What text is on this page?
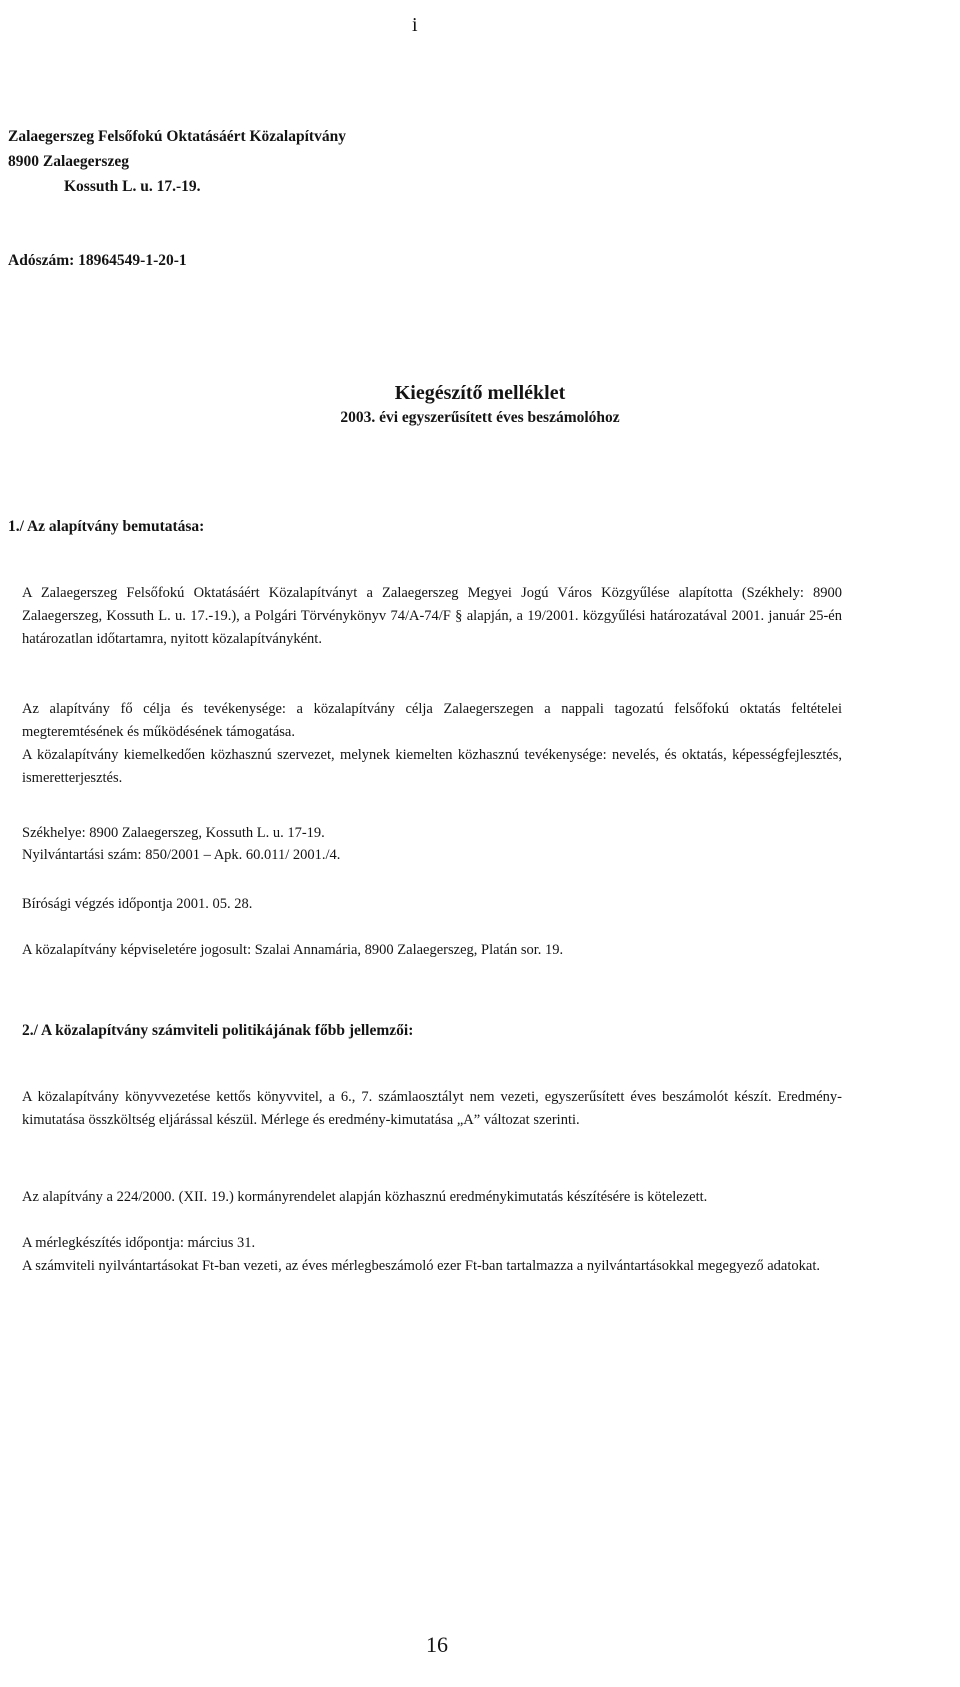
i
Zalaegerszeg Felsőfokú Oktatásáért Közalapítvány
8900 Zalaegerszeg
Kossuth L. u. 17.-19.
Adószám: 18964549-1-20-1
Kiegészítő melléklet
2003. évi egyszerűsített éves beszámolóhoz
1./ Az alapítvány bemutatása:
A Zalaegerszeg Felsőfokú Oktatásáért Közalapítványt a Zalaegerszeg Megyei Jogú Város Közgyűlése alapította (Székhely: 8900 Zalaegerszeg, Kossuth L. u. 17.-19.), a Polgári Törvénykönyv 74/A-74/F § alapján, a 19/2001. közgyűlési határozatával 2001. január 25-én határozatlan időtartamra, nyitott közalapítványként.
Az alapítvány fő célja és tevékenysége: a közalapítvány célja Zalaegerszegen a nappali tagozatú felsőfokú oktatás feltételei megteremtésének és működésének támogatása.
A közalapítvány kiemelkedően közhasznú szervezet, melynek kiemelten közhasznú tevékenysége: nevelés, és oktatás, képességfejlesztés, ismeretterjesztés.
Székhelye: 8900 Zalaegerszeg, Kossuth L. u. 17-19.
Nyilvántartási szám: 850/2001 – Apk. 60.011/ 2001./4.
Bírósági végzés időpontja 2001. 05. 28.
A közalapítvány képviseletére jogosult: Szalai Annamária, 8900 Zalaegerszeg, Platán sor. 19.
2./ A közalapítvány számviteli politikájának főbb jellemzői:
A közalapítvány könyvvezetése kettős könyvvitel, a 6., 7. számlaosztályt nem vezeti, egyszerűsített éves beszámolót készít. Eredmény-kimutatása összköltség eljárással készül. Mérlege és eredmény-kimutatása „A” változat szerinti.
Az alapítvány a 224/2000. (XII. 19.) kormányrendelet alapján közhasznú eredménykimutatás készítésére is kötelezett.
A mérlegkészítés időpontja: március 31.
A számviteli nyilvántartásokat Ft-ban vezeti, az éves mérlegbeszámoló ezer Ft-ban tartalmazza a nyilvántartásokkal megegyező adatokat.
16
